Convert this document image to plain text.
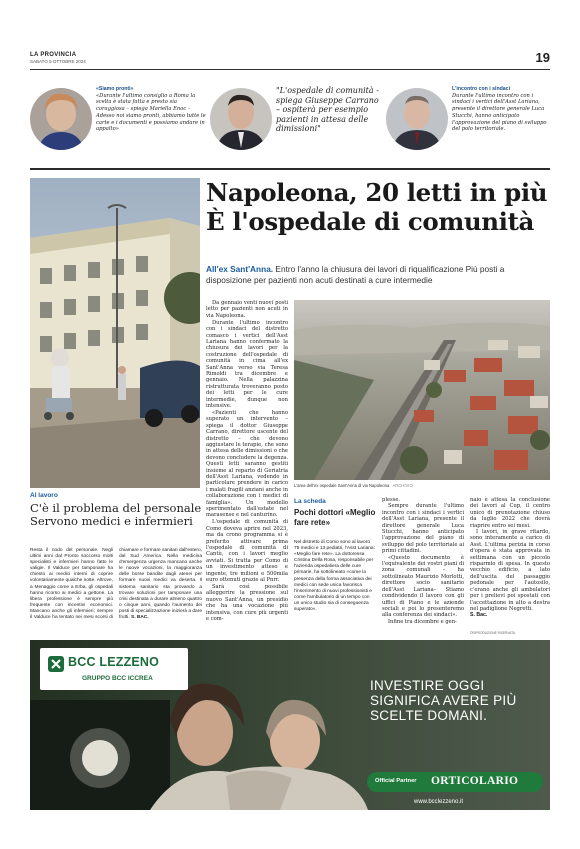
LA PROVINCIA
SABATO 5 OTTOBRE 2024	19
«Siamo pronti»
«Durante l'ultimo consiglio a Roma la scelta è stata fatta e presto sia coraggiosa – spiega Mariella Enoc – Adesso noi siamo pronti, abbiamo tutte le carte e i documenti e possiamo andare in appalto»
"L'ospedale di comunità - spiega Giuseppe Carrano – ospiterà per esempio pazienti in attesa delle dimissioni"
L'incontro con i sindaci
Durante l'ultimo incontro con i sindaci i vertici dell'Asst Lariana, presente il direttore generale Luca Stucchi, hanno anticipato l'approvazione del piano di sviluppo del polo territoriale.
Al lavoro
C'è il problema del personale Servono medici e infermieri
Resta il nodo del personale. Negli ultimi anni dal Pronto soccorso molti specialisti e infermieri hanno fatto le valigie. Il Valduce per tamponare ha chiesto ai medici interni di coprire volontariamente qualche notte. Altrove, a Menaggio come a Erba, gli ospedali hanno ricorso ai medici a gettone. La libera professione è sempre più frequente con incentivi economici. Mancano anche gli infermieri; sempre il Valduce ha tentato nei mesi scorsi di chiamare e formare sanitari dall'estero, dal Sud America. Nella medicina d'emergenza urgenza mancano anche le nuove vocazioni, la maggioranza delle borse bandite dagli atenei per formare nuovi medici va deserta. Il sistema sanitario sta provando a trovare soluzioni per tamponare una crisi destinata a durare almeno quattro o cinque anni, quando l'aumento dei posti di specializzazione inizierà a dare frutti. S. BAC.
Napoleona, 20 letti in più
È l'ospedale di comunità
All'ex Sant'Anna. Entro l'anno la chiusura dei lavori di riqualificazione Più posti a disposizione per pazienti non acuti destinati a cure intermedie

Da gennaio venti nuovi posti letto per pazienti non acuti in via Napoleona.

Durante l'ultimo incontro con i sindaci del distretto comasco i vertici dell'Asst Lariana hanno confermato la chiusura dei lavori per la costruzione dell'ospedale di comunità in cima all'ex Sant'Anna verso via Teresa Rimoldi tra dicembre e gennaio. Nella palazzina ristrutturata troveranno posto dei letti per le cure intermedie, dunque non intensive.

«Pazienti che hanno superato un intervento – spiega il dottor Giuseppe Carrano, direttore uscente del distretto – che devono aggiustare le terapie, che sono in attesa delle dimissioni o che devono concludere la degenza. Questi letti saranno gestiti insieme al reparto di Geriatria dell'Asst Lariana, vedendo in particolare prendere in carico i malati fragili anziani anche in collaborazione con i medici di famiglia». Un modello sperimentato dall'estate nel marasense e nel canturino.

L'ospedale di comunità di Como doveva aprire nel 2023, ma da crono programma si è preferito attivare prima l'ospedale di comunità di Cantù, con i lavori meglio avviati. Si tratta per Como di un investimento atteso e ingente, tre milioni e 500mila euro ottenuti grazie al Pnrr.

Sarà così possibile alleggerire la pressione sul nuovo Sant'Anna, un presidio che ha una vocazione più intensiva, con cure più urgenti e com-

L'area dell'ex ospedale Sant'Anna di via Napoleona ARCHIVIO
La scheda
Pochi dottori «Meglio fare rete»
Nel distretto di Como sono al lavoro 75 medici e 13 pediatri, l'Asst Lariana: «Meglio fare rete». La dottoressa Cristina Della Rosa, responsabile per l'azienda ospedaliera delle cure primarie, ha sottolineato «come la presenza della forma associativa dei medici con sede unica favorisca l'inserimento di nuovi professionisti e come l'ambulatorio di un tempo con un unico studio sia di conseguenza superato».

plesse.

Sempre durante l'ultimo incontro con i sindaci i vertici dell'Asst Lariana, presente il direttore generale Luca Stucchi, hanno anticipato l'approvazione del piano di sviluppo del polo territoriale ai primi cittadini.

«Questo documento è l'equivalente dei vostri piani di zona comunali – ha sottolineato Maurizio Morlotti, direttore socio sanitario dell'Asst Lariana– Stiamo condividendo il lavoro con gli uffici di Piano e le aziende sociali e poi lo presenteremo alla conferenza dei sindaci».

Infine tra dicembre e gen-

naio è attesa la conclusione dei lavori al Cup, il centro unico di prenotazione chiuso da luglio 2022 che dovrà riaprire entro sei mesi.

I lavori, in grave ritardo, sono interamente a carico di Asst. L'ultima perizia in corso d'opera è stata approvata in settimana con un piccolo risparmio di spesa. In questo vecchio edificio, a lato dell'uscita del passaggio pedonale per l'autosilo, c'erano anche gli ambulatori per i prelievi poi spostati con l'accettazione in alto a destra nel padiglione Negretti.

S. Bac.

©RIPRODUZIONE RISERVATA
BCC LEZZENO
GRUPPO BCC ICCREA	INVESTIRE OGGI SIGNIFICA AVERE PIÙ SCELTE DOMANI.
Official Partner ORTICOLARIO
www.bcclezzeno.it
